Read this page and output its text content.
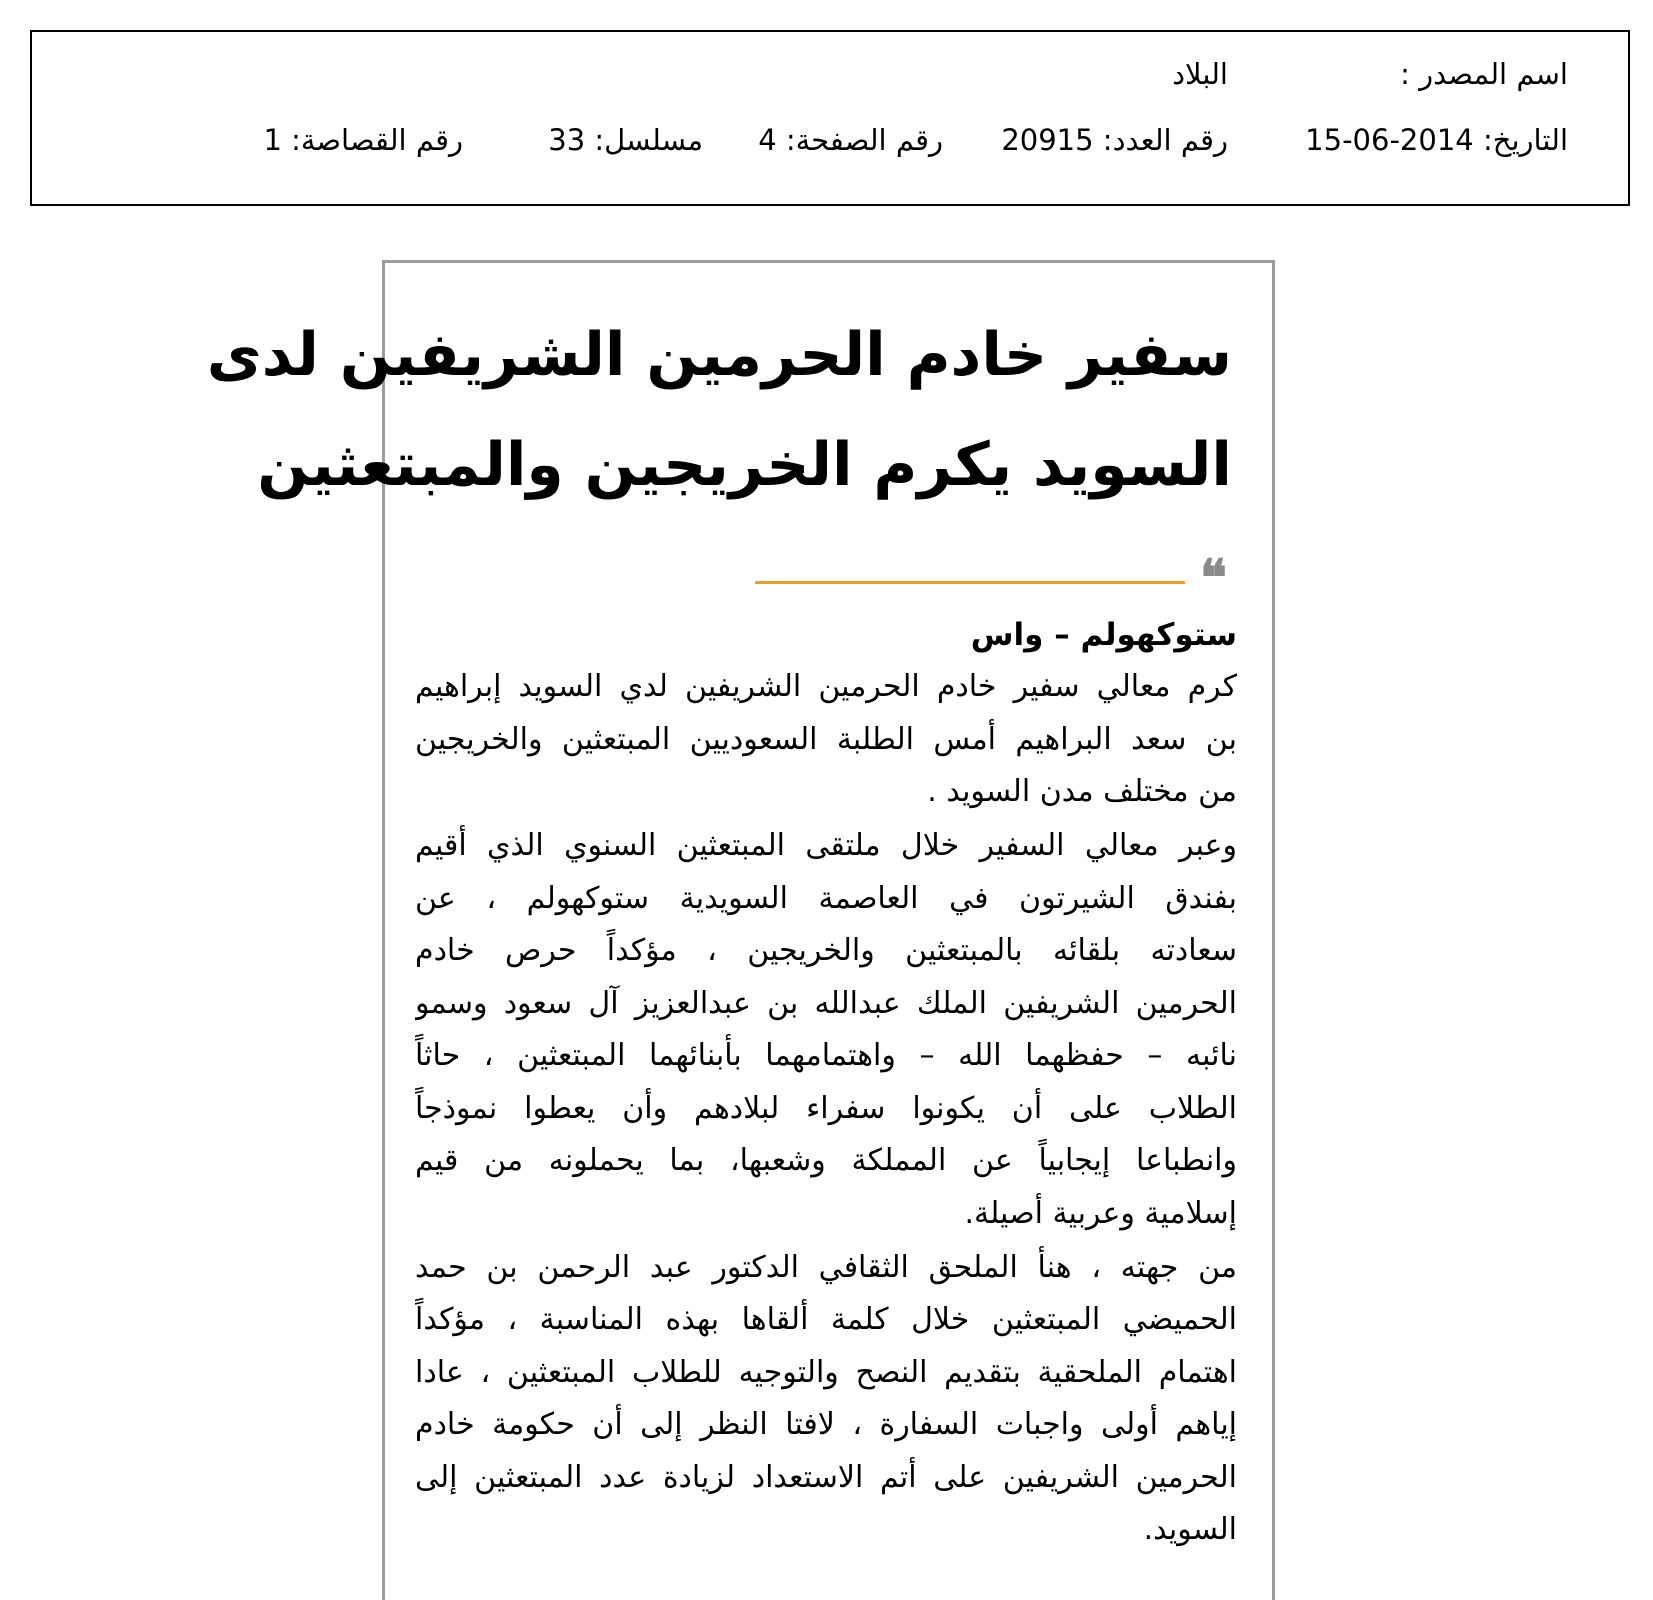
اسم المصدر :
البلاد
التاريخ: 2014-06-15
رقم العدد: 20915
رقم الصفحة: 4
مسلسل: 33
رقم القصاصة: 1
سفير خادم الحرمين الشريفين لدى
السويد يكرم الخريجين والمبتعثين
❝
ستوكهولم – واس
كرم معالي سفير خادم الحرمين الشريفين لدي السويد إبراهيم
بن سعد البراهيم أمس الطلبة السعوديين المبتعثين والخريجين
من مختلف مدن السويد .
وعبر معالي السفير خلال ملتقى المبتعثين السنوي الذي أقيم
بفندق الشيرتون في العاصمة السويدية ستوكهولم ، عن
سعادته بلقائه بالمبتعثين والخريجين ، مؤكداً حرص خادم
الحرمين الشريفين الملك عبدالله بن عبدالعزيز آل سعود وسمو
نائبه – حفظهما الله – واهتمامهما بأبنائهما المبتعثين ، حاثاً
الطلاب على أن يكونوا سفراء لبلادهم وأن يعطوا نموذجاً
وانطباعا إيجابياً عن المملكة وشعبها، بما يحملونه من قيم
إسلامية وعربية أصيلة.
من جهته ، هنأ الملحق الثقافي الدكتور عبد الرحمن بن حمد
الحميضي المبتعثين خلال كلمة ألقاها بهذه المناسبة ، مؤكداً
اهتمام الملحقية بتقديم النصح والتوجيه للطلاب المبتعثين ، عادا
إياهم أولى واجبات السفارة ، لافتا النظر إلى أن حكومة خادم
الحرمين الشريفين على أتم الاستعداد لزيادة عدد المبتعثين إلى
السويد.
